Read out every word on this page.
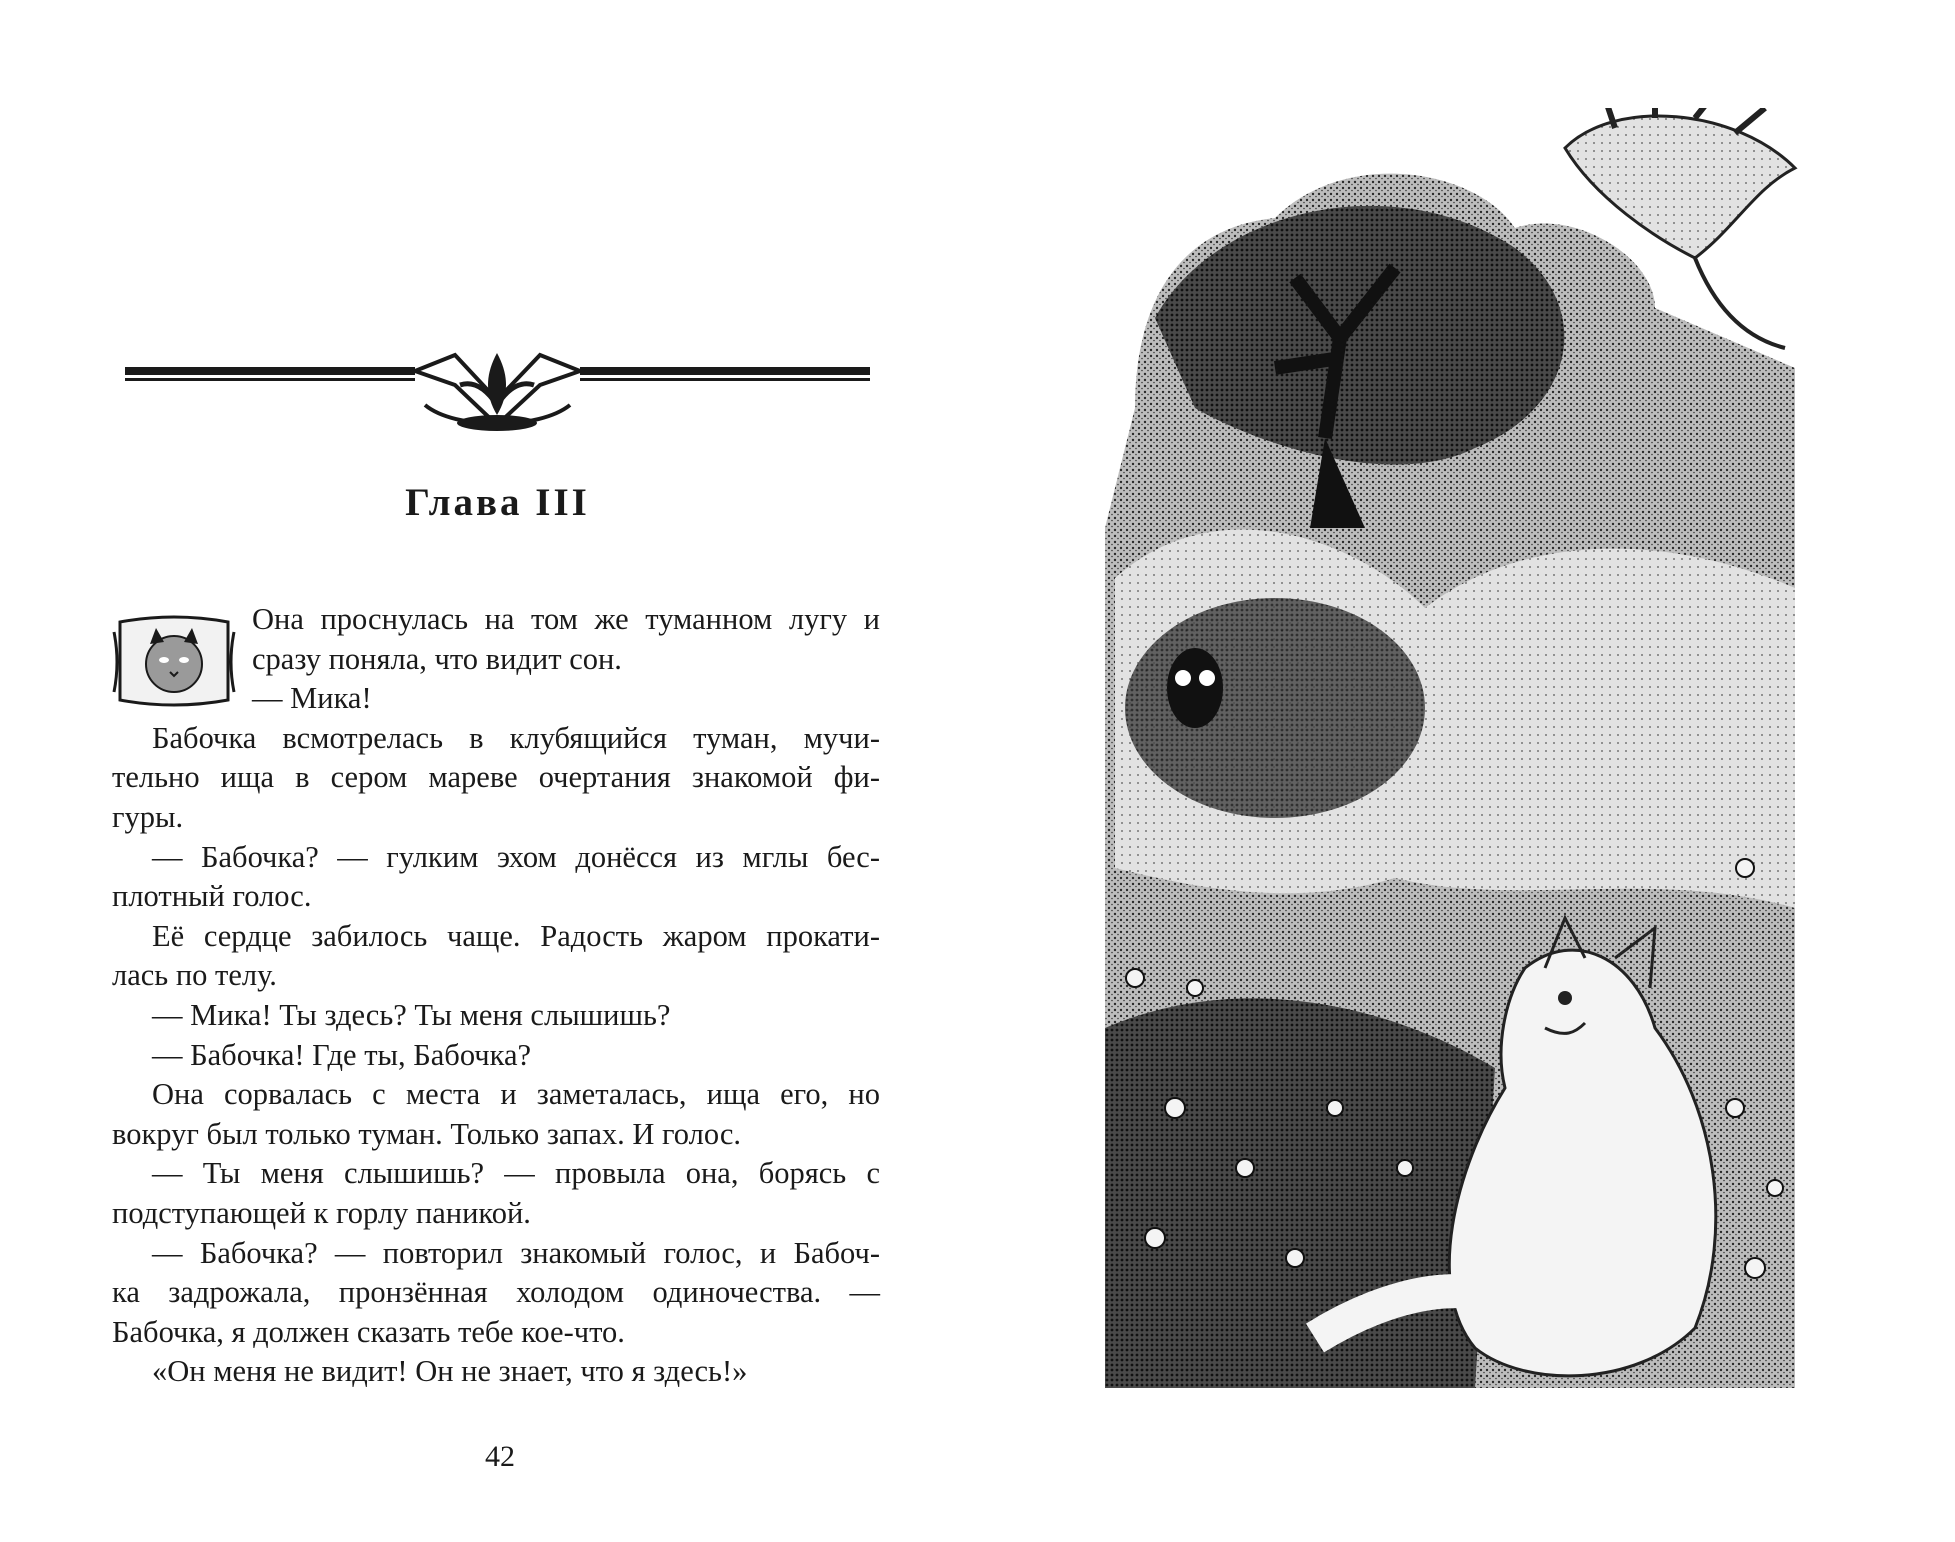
Глава III

Она проснулась на том же туманном лугу и

сразу поняла, что видит сон.

— Мика!

Бабочка всмотрелась в клубящийся туман, мучи-

тельно ища в сером мареве очертания знакомой фи-

гуры.

— Бабочка? — гулким эхом донёсся из мглы бес-

плотный голос.

Её сердце забилось чаще. Радость жаром прокати-

лась по телу.

— Мика! Ты здесь? Ты меня слышишь?

— Бабочка! Где ты, Бабочка?

Она сорвалась с места и заметалась, ища его, но

вокруг был только туман. Только запах. И голос.

— Ты меня слышишь? — провыла она, борясь с

подступающей к горлу паникой.

— Бабочка? — повторил знакомый голос, и Бабоч-

ка задрожала, пронзённая холодом одиночества. —

Бабочка, я должен сказать тебе кое-что.

«Он меня не видит! Он не знает, что я здесь!»

42
